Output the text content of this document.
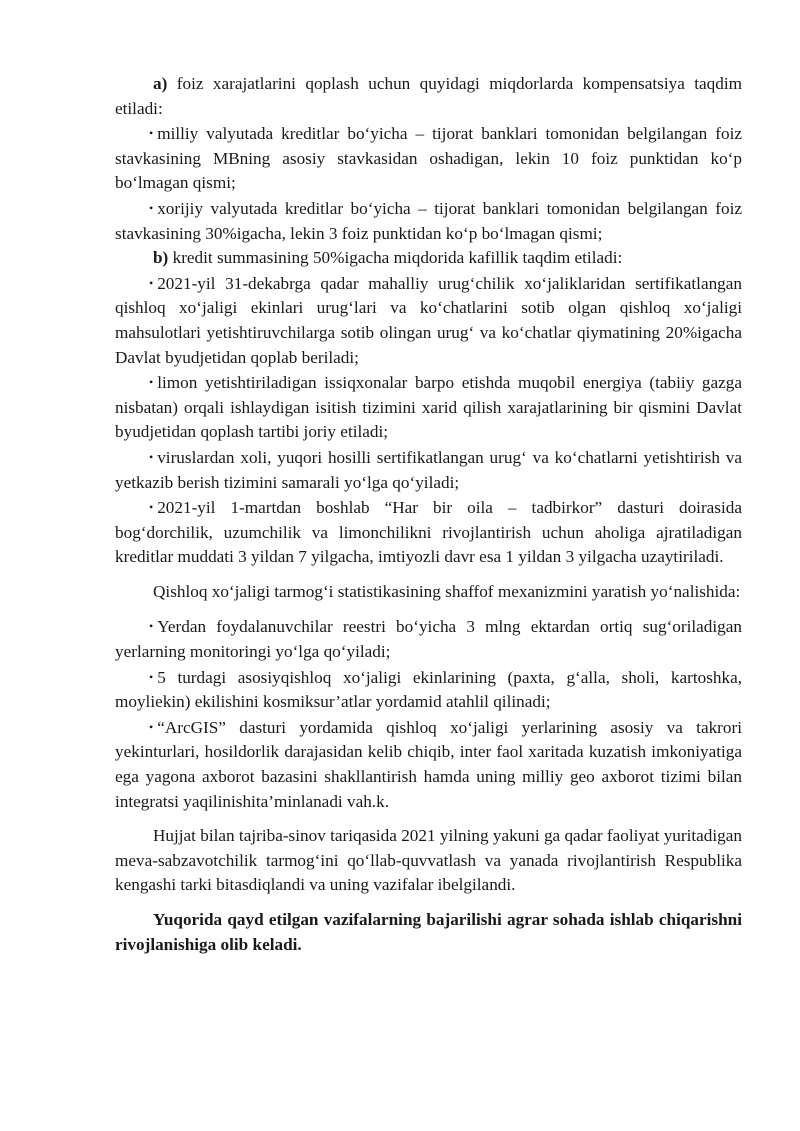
a) foiz xarajatlarini qoplash uchun quyidagi miqdorlarda kompensatsiya taqdim etiladi:

• milliy valyutada kreditlar bo‘yicha – tijorat banklari tomonidan belgilangan foiz stavkasining MBning asosiy stavkasidan oshadigan, lekin 10 foiz punktidan ko‘p bo‘lmagan qismi;

• xorijiy valyutada kreditlar bo‘yicha – tijorat banklari tomonidan belgilangan foiz stavkasining 30%igacha, lekin 3 foiz punktidan ko‘p bo‘lmagan qismi;

b) kredit summasining 50%igacha miqdorida kafillik taqdim etiladi:

• 2021-yil 31-dekabrga qadar mahalliy urug‘chilik xo‘jaliklaridan sertifikatlangan qishloq xo‘jaligi ekinlari urug‘lari va ko‘chatlarini sotib olgan qishloq xo‘jaligi mahsulotlari yetishtiruvchilarga sotib olingan urug‘ va ko‘chatlar qiymatining 20%igacha Davlat byudjetidan qoplab beriladi;

• limon yetishtiriladigan issiqxonalar barpo etishda muqobil energiya (tabiiy gazga nisbatan) orqali ishlaydigan isitish tizimini xarid qilish xarajatlarining bir qismini Davlat byudjetidan qoplash tartibi joriy etiladi;

• viruslardan xoli, yuqori hosilli sertifikatlangan urug‘ va ko‘chatlarni yetishtirish va yetkazib berish tizimini samarali yo‘lga qo‘yiladi;

• 2021-yil 1-martdan boshlab “Har bir oila – tadbirkor” dasturi doirasida bog‘dorchilik, uzumchilik va limonchilikni rivojlantirish uchun aholiga ajratiladigan kreditlar muddati 3 yildan 7 yilgacha, imtiyozli davr esa 1 yildan 3 yilgacha uzaytiriladi.

Qishloq xo‘jaligi tarmog‘i statistikasining shaffof mexanizmini yaratish yo‘nalishida:

• Yerdan foydalanuvchilar reestri bo‘yicha 3 mlng ektardan ortiq sug‘oriladigan yerlarning monitoringi yo‘lga qo‘yiladi;

• 5 turdagi asosiyqishloq xo‘jaligi ekinlarining (paxta, g‘alla, sholi, kartoshka, moyliekin) ekilishini kosmiksur’atlar yordamid atahlil qilinadi;

• “ArcGIS” dasturi yordamida qishloq xo‘jaligi yerlarining asosiy va takrori yekinturlari, hosildorlik darajasidan kelib chiqib, inter faol xaritada kuzatish imkoniyatiga ega yagona axborot bazasini shakllantirish hamda uning milliy geo axborot tizimi bilan integratsi yaqilinishita’minlanadi vah.k.

Hujjat bilan tajriba-sinov tariqasida 2021 yilning yakuni ga qadar faoliyat yuritadigan meva-sabzavotchilik tarmog‘ini qo‘llab-quvvatlash va yanada rivojlantirish Respublika kengashi tarki bitasdiqlandi va uning vazifalar ibelgilandi.

Yuqorida qayd etilgan vazifalarning bajarilishi agrar sohada ishlab chiqarishni rivojlanishiga olib keladi.
